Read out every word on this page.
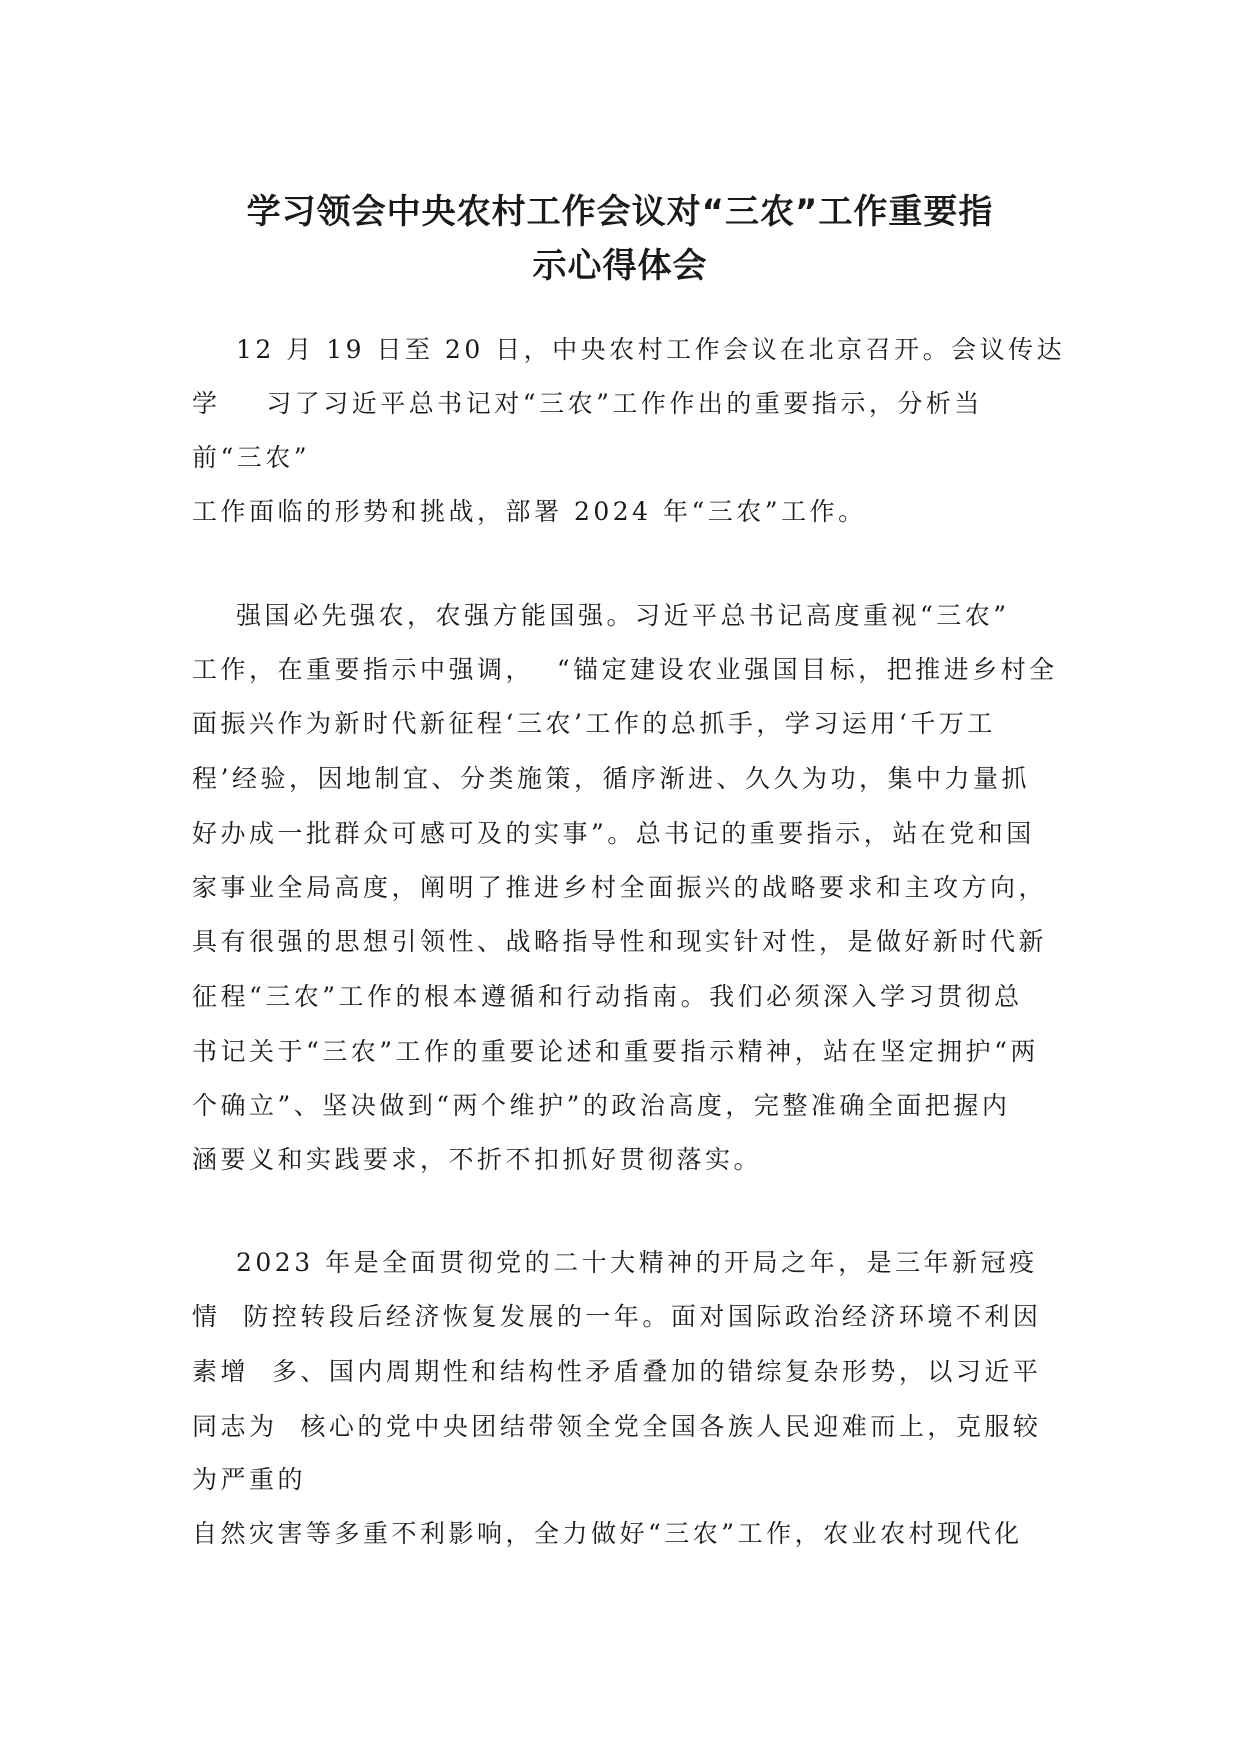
学习领会中央农村工作会议对“三农”工作重要指
示心得体会

12 月 19 日至 20 日，中央农村工作会议在北京召开。会议传达

学    习了习近平总书记对“三农”工作作出的重要指示，分析当

前“三农”

工作面临的形势和挑战，部署 2024 年“三农”工作。

强国必先强农，农强方能国强。习近平总书记高度重视“三农”

工作，在重要指示中强调，  “锚定建设农业强国目标，把推进乡村全

面振兴作为新时代新征程‘三农’工作的总抓手，学习运用‘千万工

程’经验，因地制宜、分类施策，循序渐进、久久为功，集中力量抓

好办成一批群众可感可及的实事”。总书记的重要指示，站在党和国

家事业全局高度，阐明了推进乡村全面振兴的战略要求和主攻方向，

具有很强的思想引领性、战略指导性和现实针对性，是做好新时代新

征程“三农”工作的根本遵循和行动指南。我们必须深入学习贯彻总

书记关于“三农”工作的重要论述和重要指示精神，站在坚定拥护“两

个确立”、坚决做到“两个维护”的政治高度，完整准确全面把握内

涵要义和实践要求，不折不扣抓好贯彻落实。

2023 年是全面贯彻党的二十大精神的开局之年，是三年新冠疫

情  防控转段后经济恢复发展的一年。面对国际政治经济环境不利因

素增  多、国内周期性和结构性矛盾叠加的错综复杂形势，以习近平

同志为  核心的党中央团结带领全党全国各族人民迎难而上，克服较

为严重的

自然灾害等多重不利影响，全力做好“三农”工作，农业农村现代化
